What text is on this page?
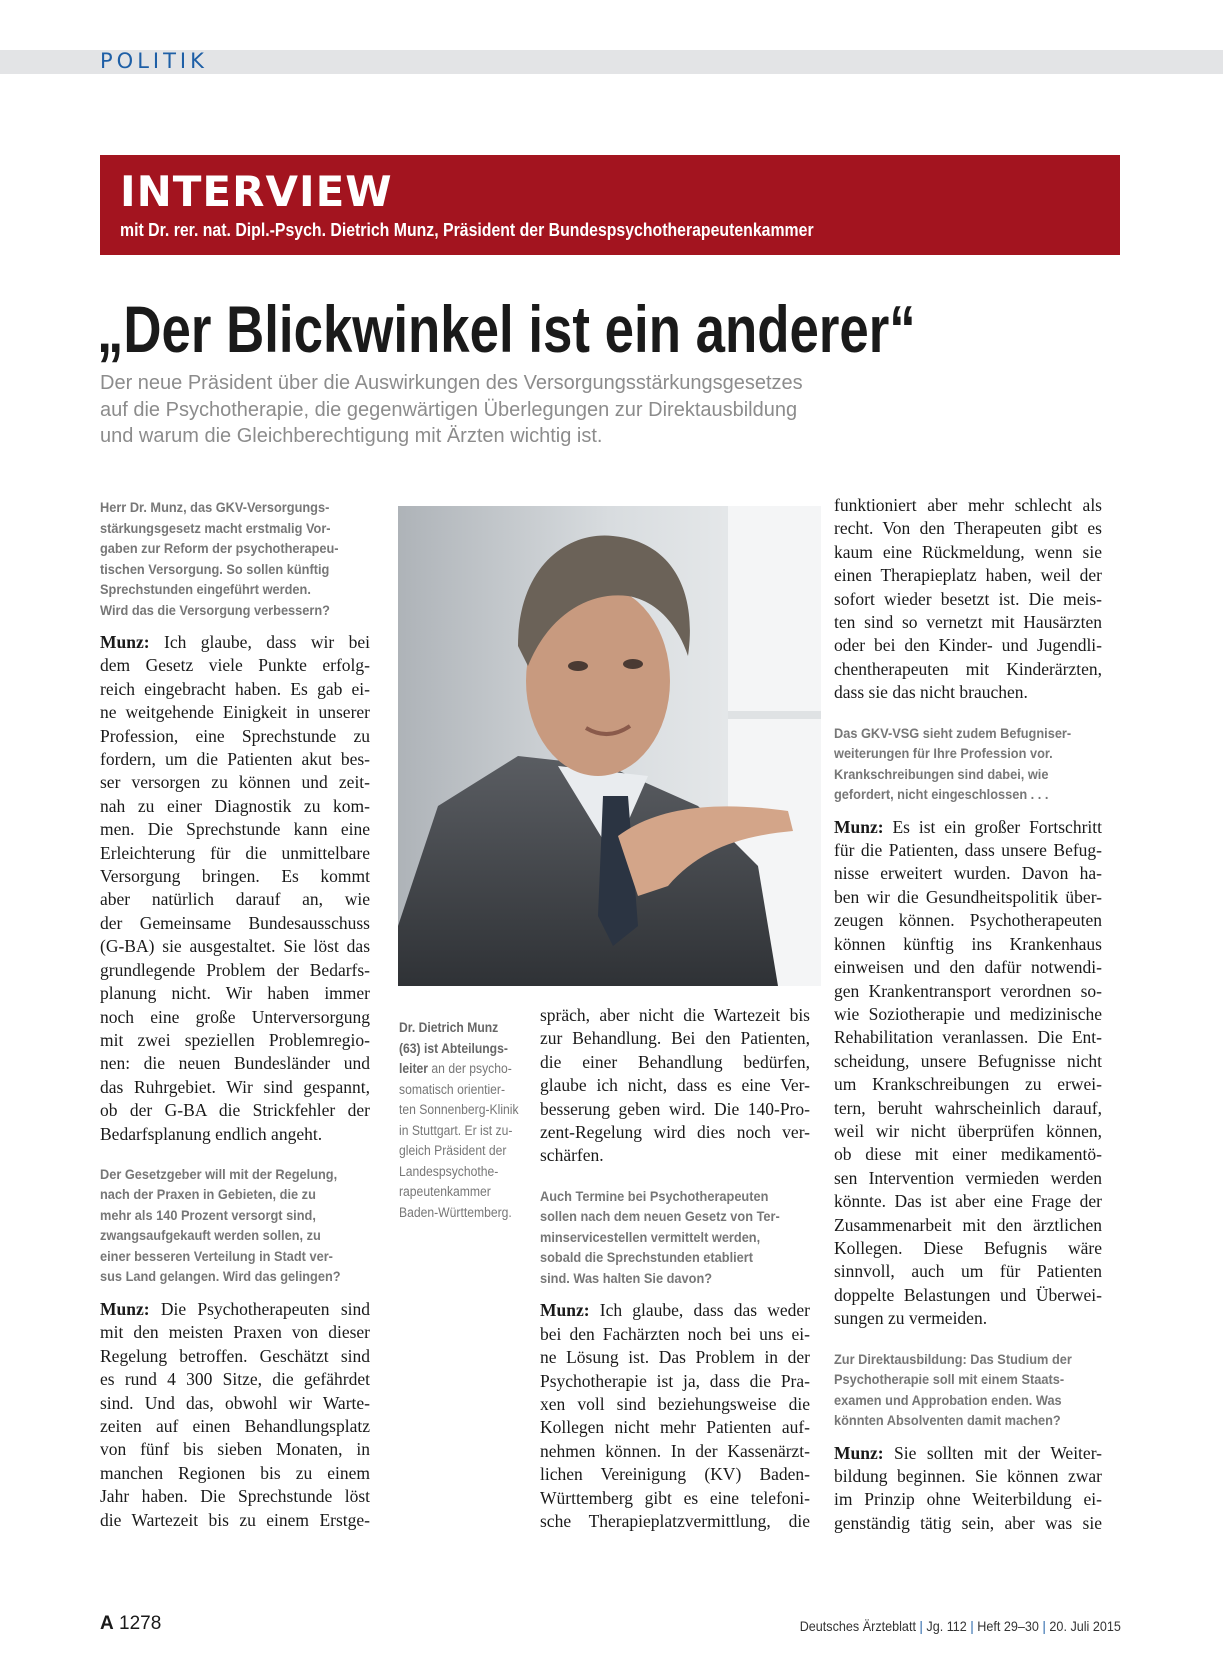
POLITIK
INTERVIEW
mit Dr. rer. nat. Dipl.-Psych. Dietrich Munz, Präsident der Bundespsychotherapeutenkammer
„Der Blickwinkel ist ein anderer“
Der neue Präsident über die Auswirkungen des Versorgungsstärkungsgesetzes
auf die Psychotherapie, die gegenwärtigen Überlegungen zur Direktausbildung
und warum die Gleichberechtigung mit Ärzten wichtig ist.
Herr Dr. Munz, das GKV-Versorgungs-
stärkungsgesetz macht erstmalig Vor-
gaben zur Reform der psychotherapeu-
tischen Versorgung. So sollen künftig
Sprechstunden eingeführt werden.
Wird das die Versorgung verbessern?
Munz: Ich glaube, dass wir bei
dem Gesetz viele Punkte erfolg-
reich eingebracht haben. Es gab ei-
ne weitgehende Einigkeit in unserer
Profession, eine Sprechstunde zu
fordern, um die Patienten akut bes-
ser versorgen zu können und zeit-
nah zu einer Diagnostik zu kom-
men. Die Sprechstunde kann eine
Erleichterung für die unmittelbare
Versorgung bringen. Es kommt
aber natürlich darauf an, wie
der Gemeinsame Bundesausschuss
(G-BA) sie ausgestaltet. Sie löst das
grundlegende Problem der Bedarfs-
planung nicht. Wir haben immer
noch eine große Unterversorgung
mit zwei speziellen Problemregio-
nen: die neuen Bundesländer und
das Ruhrgebiet. Wir sind gespannt,
ob der G-BA die Strickfehler der
Bedarfsplanung endlich angeht.
Der Gesetzgeber will mit der Regelung,
nach der Praxen in Gebieten, die zu
mehr als 140 Prozent versorgt sind,
zwangsaufgekauft werden sollen, zu
einer besseren Verteilung in Stadt ver-
sus Land gelangen. Wird das gelingen?
Munz: Die Psychotherapeuten sind
mit den meisten Praxen von dieser
Regelung betroffen. Geschätzt sind
es rund 4 300 Sitze, die gefährdet
sind. Und das, obwohl wir Warte-
zeiten auf einen Behandlungsplatz
von fünf bis sieben Monaten, in
manchen Regionen bis zu einem
Jahr haben. Die Sprechstunde löst
die Wartezeit bis zu einem Erstge-
Dr. Dietrich Munz
(63) ist Abteilungs-
leiter an der psycho-
somatisch orientier-
ten Sonnenberg-Klinik
in Stuttgart. Er ist zu-
gleich Präsident der
Landespsychothe-
rapeutenkammer
Baden-Württemberg.
spräch, aber nicht die Wartezeit bis
zur Behandlung. Bei den Patienten,
die einer Behandlung bedürfen,
glaube ich nicht, dass es eine Ver-
besserung geben wird. Die 140-Pro-
zent-Regelung wird dies noch ver-
schärfen.
Auch Termine bei Psychotherapeuten
sollen nach dem neuen Gesetz von Ter-
minservicestellen vermittelt werden,
sobald die Sprechstunden etabliert
sind. Was halten Sie davon?
Munz: Ich glaube, dass das weder
bei den Fachärzten noch bei uns ei-
ne Lösung ist. Das Problem in der
Psychotherapie ist ja, dass die Pra-
xen voll sind beziehungsweise die
Kollegen nicht mehr Patienten auf-
nehmen können. In der Kassenärzt-
lichen Vereinigung (KV) Baden-
Württemberg gibt es eine telefoni-
sche Therapieplatzvermittlung, die
funktioniert aber mehr schlecht als
recht. Von den Therapeuten gibt es
kaum eine Rückmeldung, wenn sie
einen Therapieplatz haben, weil der
sofort wieder besetzt ist. Die meis-
ten sind so vernetzt mit Hausärzten
oder bei den Kinder- und Jugendli-
chentherapeuten mit Kinderärzten,
dass sie das nicht brauchen.
Das GKV-VSG sieht zudem Befugniser-
weiterungen für Ihre Profession vor.
Krankschreibungen sind dabei, wie
gefordert, nicht eingeschlossen . . .
Munz: Es ist ein großer Fortschritt
für die Patienten, dass unsere Befug-
nisse erweitert wurden. Davon ha-
ben wir die Gesundheitspolitik über-
zeugen können. Psychotherapeuten
können künftig ins Krankenhaus
einweisen und den dafür notwendi-
gen Krankentransport verordnen so-
wie Soziotherapie und medizinische
Rehabilitation veranlassen. Die Ent-
scheidung, unsere Befugnisse nicht
um Krankschreibungen zu erwei-
tern, beruht wahrscheinlich darauf,
weil wir nicht überprüfen können,
ob diese mit einer medikamentö-
sen Intervention vermieden werden
könnte. Das ist aber eine Frage der
Zusammenarbeit mit den ärztlichen
Kollegen. Diese Befugnis wäre
sinnvoll, auch um für Patienten
doppelte Belastungen und Überwei-
sungen zu vermeiden.
Zur Direktausbildung: Das Studium der
Psychotherapie soll mit einem Staats-
examen und Approbation enden. Was
könnten Absolventen damit machen?
Munz: Sie sollten mit der Weiter-
bildung beginnen. Sie können zwar
im Prinzip ohne Weiterbildung ei-
genständig tätig sein, aber was sie
A 1278	Deutsches Ärzteblatt | Jg. 112 | Heft 29–30 | 20. Juli 2015
